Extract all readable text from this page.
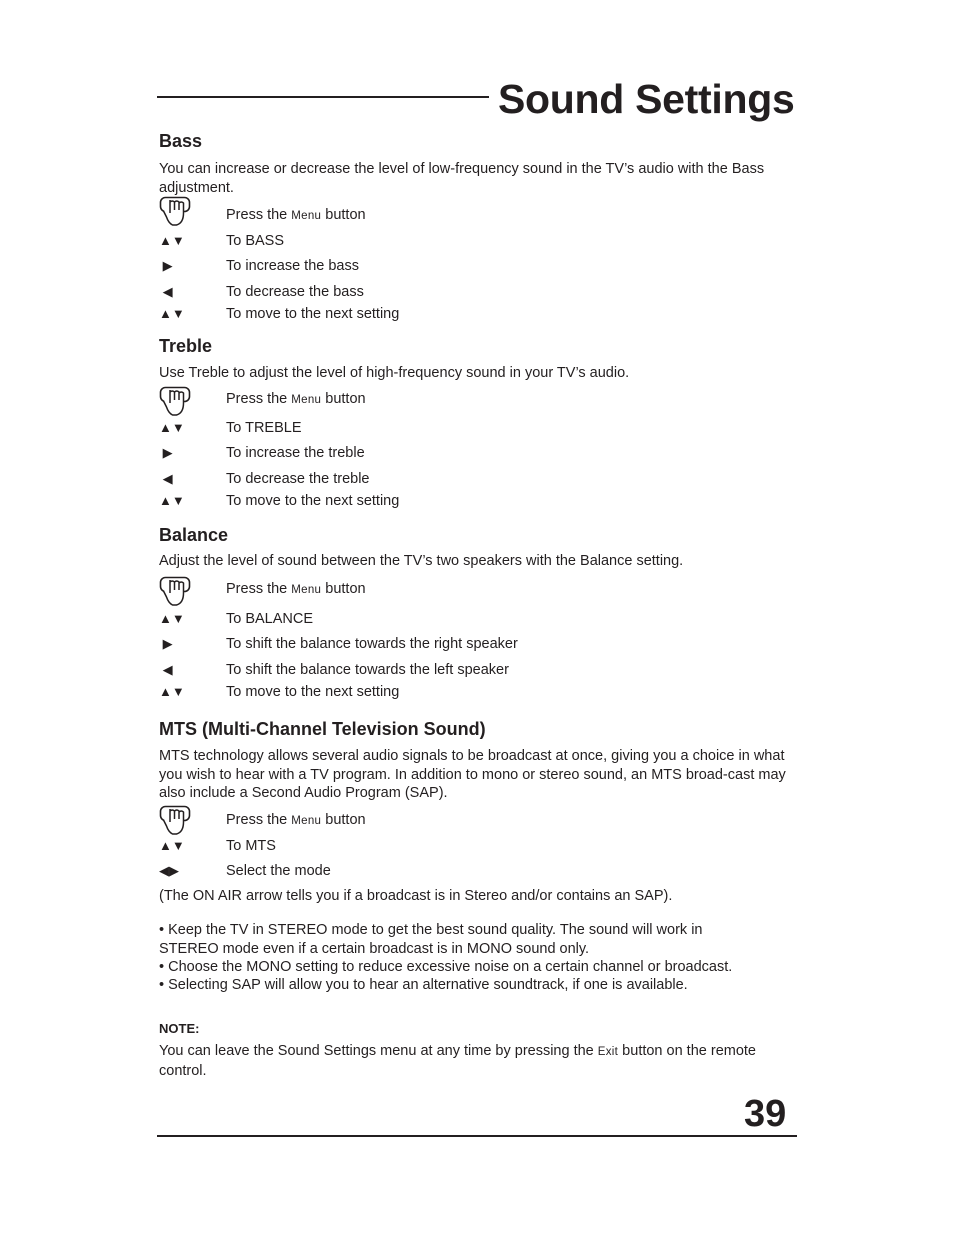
Sound Settings
Bass
You can increase or decrease the level of low-frequency sound in the TV’s audio with the Bass adjustment.
Press the Menu button
▲▼	To BASS
▶	To increase the bass
◀	To decrease the bass
▲▼	To move to the next setting
Treble
Use Treble to adjust the level of high-frequency sound in your TV’s audio.
Press the Menu button
▲▼	To TREBLE
▶	To increase the treble
◀	To decrease the treble
▲▼	To move to the next setting
Balance
Adjust the level of sound between the TV’s two speakers with the Balance setting.
Press the Menu button
▲▼	To BALANCE
▶	To shift the balance towards the right speaker
◀	To shift the balance towards the left speaker
▲▼	To move to the next setting
MTS (Multi-Channel Television Sound)
MTS technology allows several audio signals to be broadcast at once, giving you a choice in what you wish to hear with a TV program. In addition to mono or stereo sound, an MTS broad-cast may also include a Second Audio Program (SAP).
Press the Menu button
▲▼	To MTS
◀▶	Select the mode
(The ON AIR arrow tells you if a broadcast is in Stereo and/or contains an SAP).
• Keep the TV in STEREO mode to get the best sound quality. The sound will work in STEREO mode even if a certain broadcast is in MONO sound only.
• Choose the MONO setting to reduce excessive noise on a certain channel or broadcast.
• Selecting SAP will allow you to hear an alternative soundtrack, if one is available.
NOTE:
You can leave the Sound Settings menu at any time by pressing the Exit button on the remote control.
39
